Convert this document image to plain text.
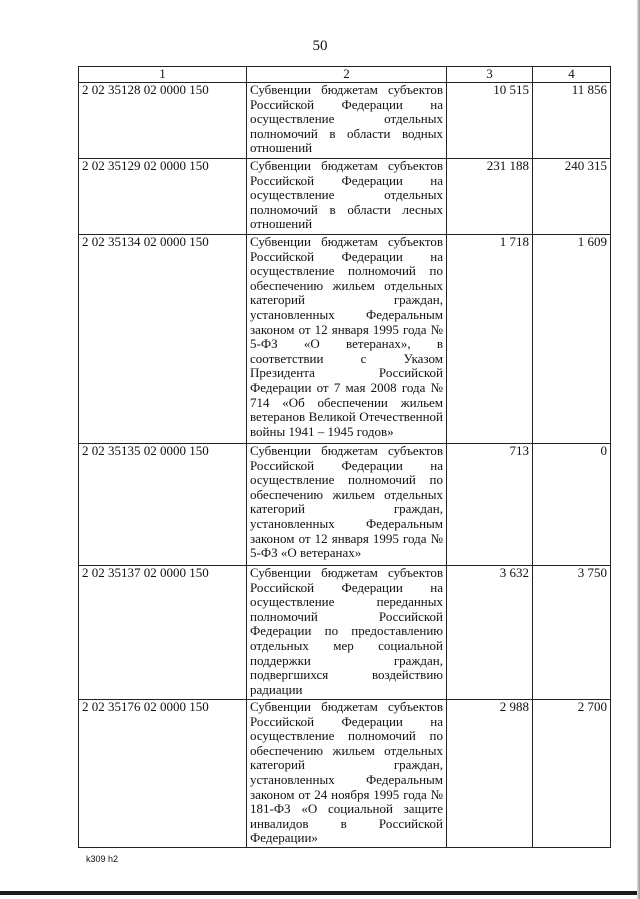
50
1	2	3	4
2 02 35128 02 0000 150	Субвенции бюджетам субъектов Российской Федерации на осуществление отдельных полномочий в области водных отношений	10 515	11 856
2 02 35129 02 0000 150	Субвенции бюджетам субъектов Российской Федерации на осуществление отдельных полномочий в области лесных отношений	231 188	240 315
2 02 35134 02 0000 150	Субвенции бюджетам субъектов Российской Федерации на осуществление полномочий по обеспечению жильем отдельных категорий граждан, установленных Федеральным законом от 12 января 1995 года № 5-ФЗ «О ветеранах», в соответствии с Указом Президента Российской Федерации от 7 мая 2008 года № 714 «Об обеспечении жильем ветеранов Великой Отечественной войны 1941 – 1945 годов»	1 718	1 609
2 02 35135 02 0000 150	Субвенции бюджетам субъектов Российской Федерации на осуществление полномочий по обеспечению жильем отдельных категорий граждан, установленных Федеральным законом от 12 января 1995 года № 5-ФЗ «О ветеранах»	713	0
2 02 35137 02 0000 150	Субвенции бюджетам субъектов Российской Федерации на осуществление переданных полномочий Российской Федерации по предоставлению отдельных мер социальной поддержки граждан, подвергшихся воздействию радиации	3 632	3 750
2 02 35176 02 0000 150	Субвенции бюджетам субъектов Российской Федерации на осуществление полномочий по обеспечению жильем отдельных категорий граждан, установленных Федеральным законом от 24 ноября 1995 года № 181-ФЗ «О социальной защите инвалидов в Российской Федерации»	2 988	2 700
k309 h2
